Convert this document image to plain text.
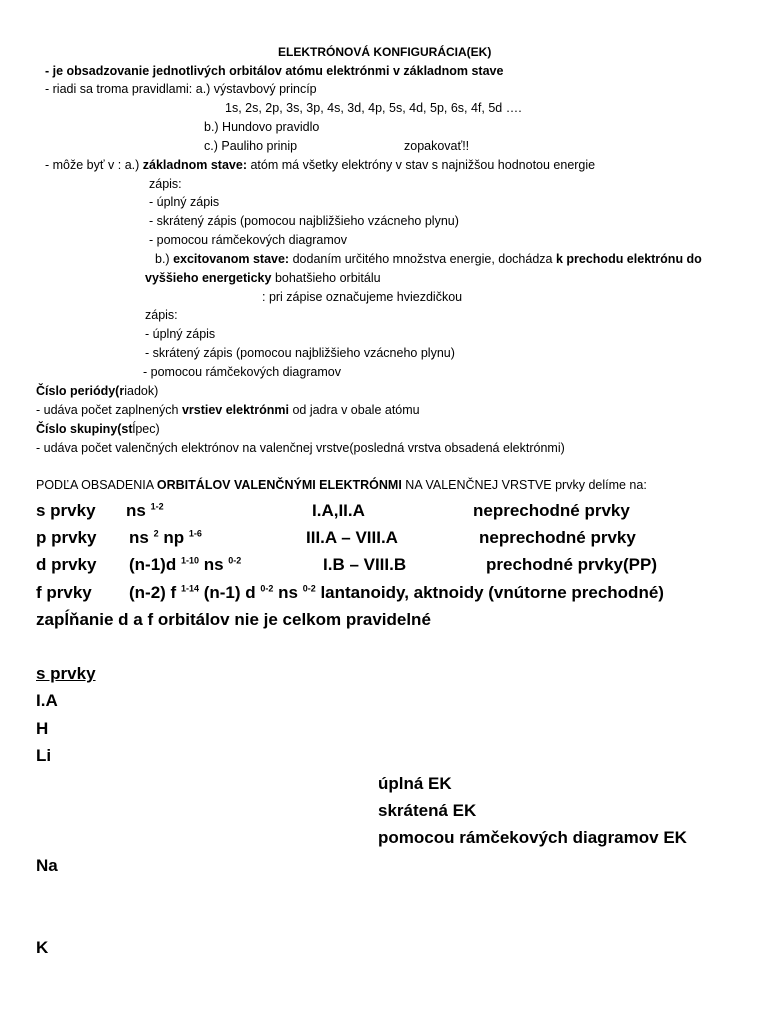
ELEKTRÓNOVÁ KONFIGURÁCIA(EK)
- je obsadzovanie jednotlivých orbitálov atómu elektrónmi v základnom stave
- riadi sa troma pravidlami: a.) výstavbový princíp
1s, 2s, 2p, 3s, 3p, 4s, 3d, 4p, 5s, 4d, 5p, 6s, 4f, 5d ….
b.) Hundovo pravidlo
c.) Pauliho prinip	zopakovať!!
- môže byť v : a.) základnom stave: atóm má všetky elektróny v stav s najnižšou hodnotou energie
zápis:
- úplný zápis
- skrátený zápis (pomocou najbližšieho vzácneho plynu)
- pomocou rámčekových diagramov
b.) excitovanom stave: dodaním určitého množstva energie, dochádza k prechodu elektrónu do
vyššieho energeticky bohatšieho orbitálu
: pri zápise označujeme hviezdičkou
zápis:
- úplný zápis
- skrátený zápis (pomocou najbližšieho vzácneho plynu)
- pomocou rámčekových diagramov
Číslo periódy(riadok)
- udáva počet zaplnených vrstiev elektrónmi od jadra v obale atómu
Číslo skupiny(stĺpec)
- udáva počet valenčných elektrónov na valenčnej vrstve(posledná vrstva obsadená elektrónmi)
PODĽA OBSADENIA ORBITÁLOV VALENČNÝMI ELEKTRÓNMI NA VALENČNEJ VRSTVE prvky delíme na:
s prvky ns $^{1-2}$	I.A,II.A	neprechodné prvky
p prvky ns $^2$ np $^{1-6}$	III.A – VIII.A	neprechodné prvky
d prvky (n-1)d $^{1-10}$ ns $^{0-2}$	I.B – VIII.B	prechodné prvky(PP)
f prvky (n-2) f $^{1-14}$ (n-1) d $^{0-2}$ ns $^{0-2}$ lantanoidy, aktnoidy (vnútorne prechodné)
zapĺňanie d a f orbitálov nie je celkom pravidelné
s prvky
I.A
H
Li
úplná EK
skrátená EK
pomocou rámčekových diagramov EK
Na
K
